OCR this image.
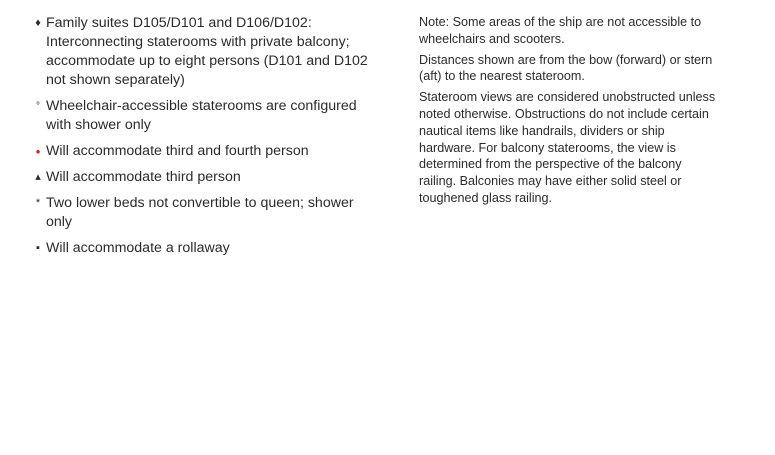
♦ Family suites D105/D101 and D106/D102: Interconnecting staterooms with private balcony; accommodate up to eight persons (D101 and D102 not shown separately)
° Wheelchair-accessible staterooms are configured with shower only
• Will accommodate third and fourth person
▴ Will accommodate third person
* Two lower beds not convertible to queen; shower only
▪ Will accommodate a rollaway

Note: Some areas of the ship are not accessible to wheelchairs and scooters.

Distances shown are from the bow (forward) or stern (aft) to the nearest stateroom.

Stateroom views are considered unobstructed unless noted otherwise. Obstructions do not include certain nautical items like handrails, dividers or ship hardware. For balcony staterooms, the view is determined from the perspective of the balcony railing. Balconies may have either solid steel or toughened glass railing.
